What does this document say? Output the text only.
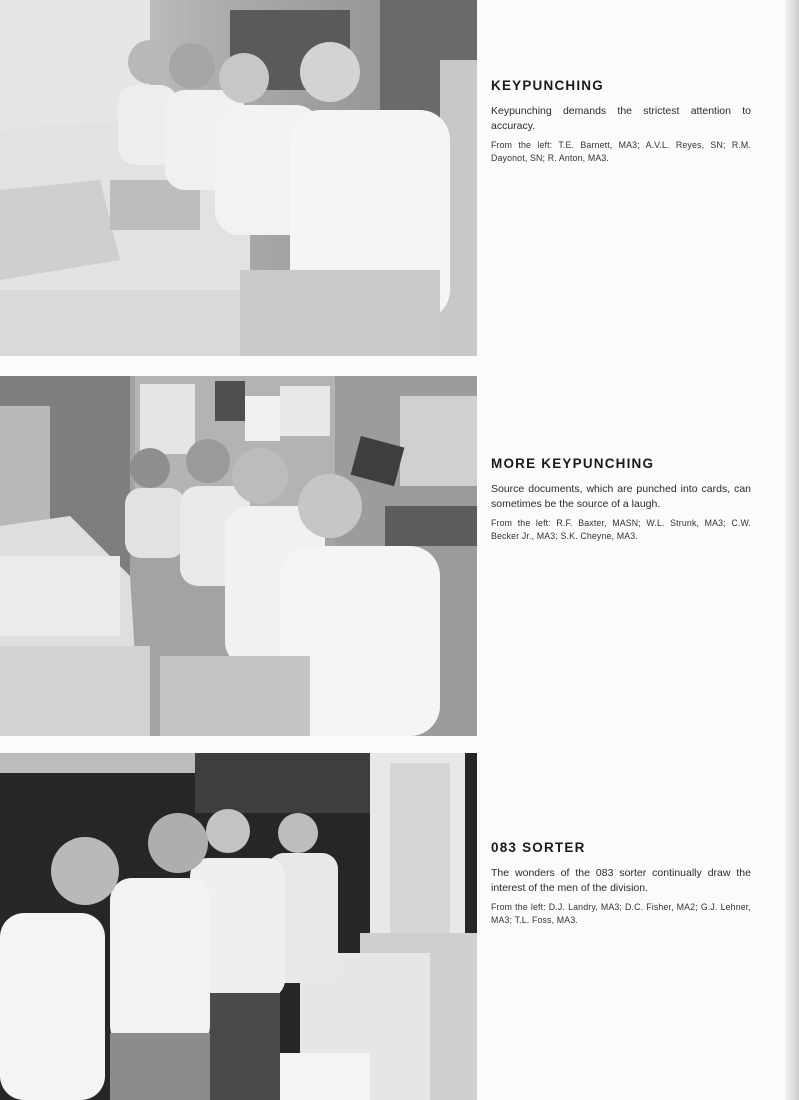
KEYPUNCHING

Keypunching demands the strictest attention to accuracy.

From the left: T.E. Barnett, MA3; A.V.L. Reyes, SN; R.M. Dayonot, SN; R. Anton, MA3.

MORE KEYPUNCHING

Source documents, which are punched into cards, can sometimes be the source of a laugh.

From the left: R.F. Baxter, MASN; W.L. Strunk, MA3; C.W. Becker Jr., MA3; S.K. Cheyne, MA3.

083 SORTER

The wonders of the 083 sorter continually draw the interest of the men of the division.

From the left: D.J. Landry, MA3; D.C. Fisher, MA2; G.J. Lehner, MA3; T.L. Foss, MA3.
